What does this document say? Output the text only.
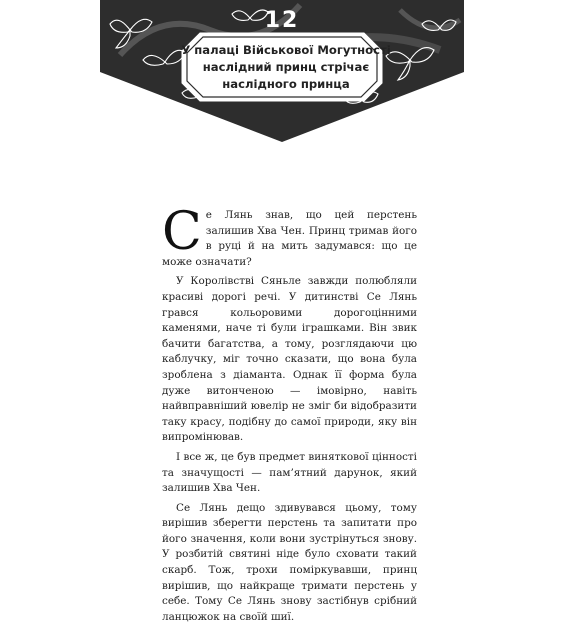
12
У палаці Військової Могутності
наслідний принц стрічає
наслідного принца

Се Лянь знав, що цей перстень залишив Хва Чен. Принц тримав його в руці й на мить задумався: що це може означати?

У Королівстві Сяньле завжди полюбляли красиві дорогі речі. У дитинстві Се Лянь грався кольоровими дорогоцінними каменями, наче ті були іграшками. Він звик бачити багатства, а тому, розглядаючи цю каблучку, міг точно сказати, що вона була зроблена з діаманта. Однак її форма була дуже витонченою — імовірно, навіть найвправніший ювелір не зміг би відобразити таку красу, подібну до самої природи, яку він випромінював.

І все ж, це був предмет виняткової цінності та значущості — пам’ятний дарунок, який залишив Хва Чен.

Се Лянь дещо здивувався цьому, тому вирішив зберегти перстень та запитати про його значення, коли вони зустрінуться знову. У розбитій святині ніде було сховати такий скарб. Тож, трохи поміркувавши, принц вирішив, що найкраще тримати перстень у себе. Тому Се Лянь знову застібнув срібний ланцюжок на своїй шиї.
